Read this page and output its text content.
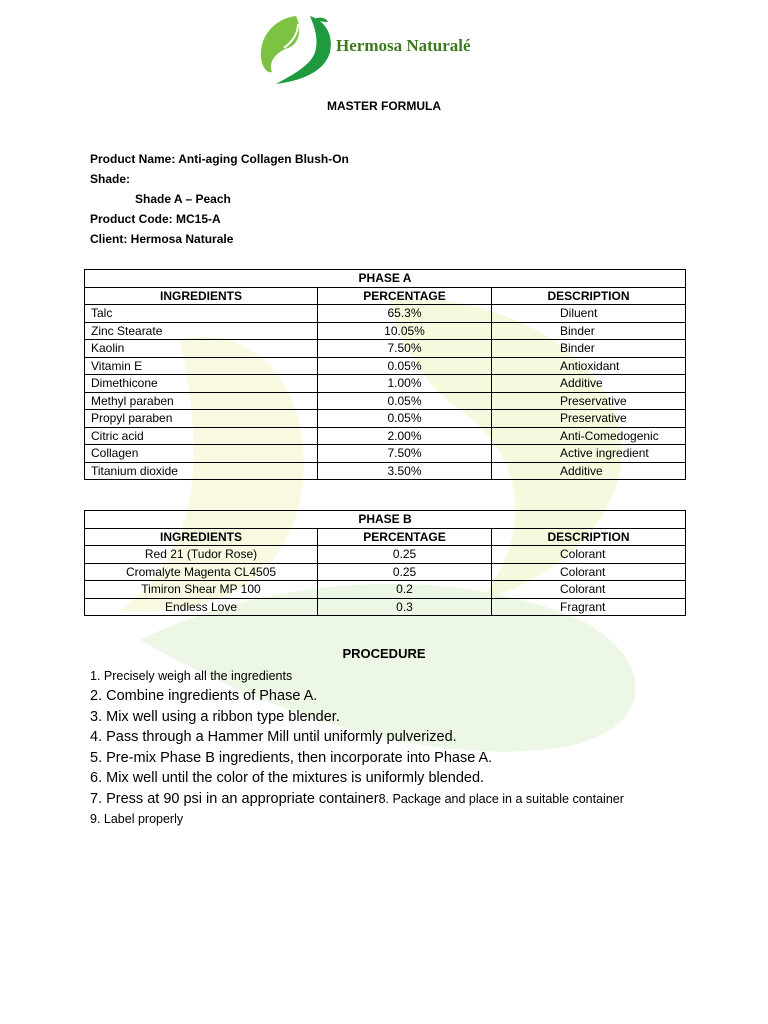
Hermosa Naturalé
MASTER FORMULA
Product Name: Anti-aging Collagen Blush-On
Shade:
Shade A – Peach
Product Code: MC15-A
Client: Hermosa Naturale
PHASE A		
INGREDIENTS	PERCENTAGE	DESCRIPTION
Talc	65.3%	Diluent
Zinc Stearate	10.05%	Binder
Kaolin	7.50%	Binder
Vitamin E	0.05%	Antioxidant
Dimethicone	1.00%	Additive
Methyl paraben	0.05%	Preservative
Propyl paraben	0.05%	Preservative
Citric acid	2.00%	Anti-Comedogenic
Collagen	7.50%	Active ingredient
Titanium dioxide	3.50%	Additive
PHASE B		
INGREDIENTS	PERCENTAGE	DESCRIPTION
Red 21 (Tudor Rose)	0.25	Colorant
Cromalyte Magenta CL4505	0.25	Colorant
Timiron Shear MP 100	0.2	Colorant
Endless Love	0.3	Fragrant
PROCEDURE
1. Precisely weigh all the ingredients
2. Combine ingredients of Phase A.
3. Mix well using a ribbon type blender.
4. Pass through a Hammer Mill until uniformly pulverized.
5. Pre-mix Phase B ingredients, then incorporate into Phase A.
6. Mix well until the color of the mixtures is uniformly blended.
7. Press at 90 psi in an appropriate container8. Package and place in a suitable container
9. Label properly
